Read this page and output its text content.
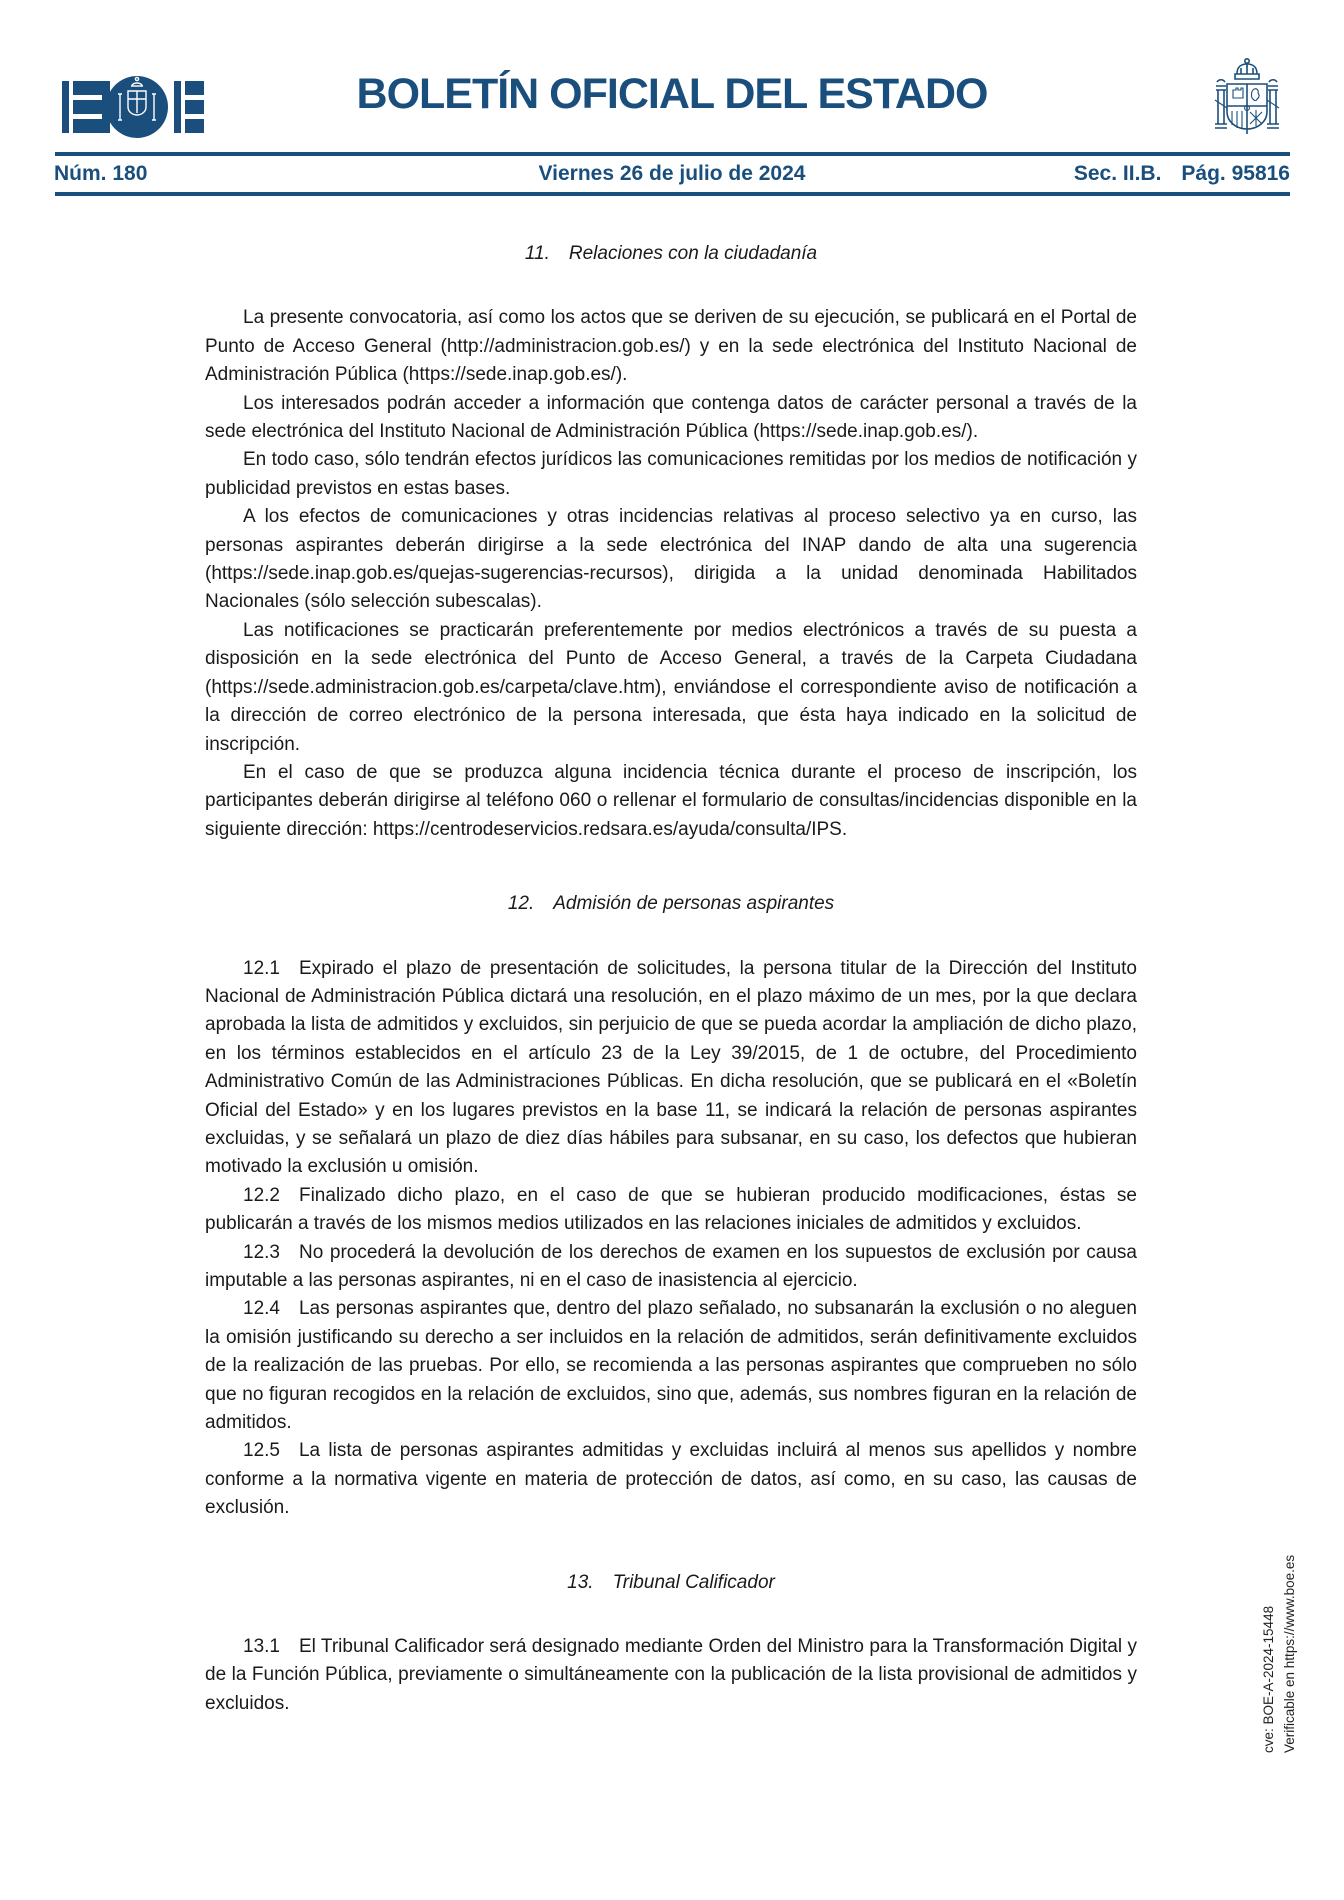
BOLETÍN OFICIAL DEL ESTADO
Núm. 180	Viernes 26 de julio de 2024	Sec. II.B. Pág. 95816
11. Relaciones con la ciudadanía

La presente convocatoria, así como los actos que se deriven de su ejecución, se publicará en el Portal de Punto de Acceso General (http://administracion.gob.es/) y en la sede electrónica del Instituto Nacional de Administración Pública (https://sede.inap.gob.es/).

Los interesados podrán acceder a información que contenga datos de carácter personal a través de la sede electrónica del Instituto Nacional de Administración Pública (https://sede.inap.gob.es/).

En todo caso, sólo tendrán efectos jurídicos las comunicaciones remitidas por los medios de notificación y publicidad previstos en estas bases.

A los efectos de comunicaciones y otras incidencias relativas al proceso selectivo ya en curso, las personas aspirantes deberán dirigirse a la sede electrónica del INAP dando de alta una sugerencia (https://sede.inap.gob.es/quejas-sugerencias-recursos), dirigida a la unidad denominada Habilitados Nacionales (sólo selección subescalas).

Las notificaciones se practicarán preferentemente por medios electrónicos a través de su puesta a disposición en la sede electrónica del Punto de Acceso General, a través de la Carpeta Ciudadana (https://sede.administracion.gob.es/carpeta/clave.htm), enviándose el correspondiente aviso de notificación a la dirección de correo electrónico de la persona interesada, que ésta haya indicado en la solicitud de inscripción.

En el caso de que se produzca alguna incidencia técnica durante el proceso de inscripción, los participantes deberán dirigirse al teléfono 060 o rellenar el formulario de consultas/incidencias disponible en la siguiente dirección: https://centrodeservicios.redsara.es/ayuda/consulta/IPS.

12. Admisión de personas aspirantes

12.1 Expirado el plazo de presentación de solicitudes, la persona titular de la Dirección del Instituto Nacional de Administración Pública dictará una resolución, en el plazo máximo de un mes, por la que declara aprobada la lista de admitidos y excluidos, sin perjuicio de que se pueda acordar la ampliación de dicho plazo, en los términos establecidos en el artículo 23 de la Ley 39/2015, de 1 de octubre, del Procedimiento Administrativo Común de las Administraciones Públicas. En dicha resolución, que se publicará en el «Boletín Oficial del Estado» y en los lugares previstos en la base 11, se indicará la relación de personas aspirantes excluidas, y se señalará un plazo de diez días hábiles para subsanar, en su caso, los defectos que hubieran motivado la exclusión u omisión.

12.2 Finalizado dicho plazo, en el caso de que se hubieran producido modificaciones, éstas se publicarán a través de los mismos medios utilizados en las relaciones iniciales de admitidos y excluidos.

12.3 No procederá la devolución de los derechos de examen en los supuestos de exclusión por causa imputable a las personas aspirantes, ni en el caso de inasistencia al ejercicio.

12.4 Las personas aspirantes que, dentro del plazo señalado, no subsanarán la exclusión o no aleguen la omisión justificando su derecho a ser incluidos en la relación de admitidos, serán definitivamente excluidos de la realización de las pruebas. Por ello, se recomienda a las personas aspirantes que comprueben no sólo que no figuran recogidos en la relación de excluidos, sino que, además, sus nombres figuran en la relación de admitidos.

12.5 La lista de personas aspirantes admitidas y excluidas incluirá al menos sus apellidos y nombre conforme a la normativa vigente en materia de protección de datos, así como, en su caso, las causas de exclusión.

13. Tribunal Calificador

13.1 El Tribunal Calificador será designado mediante Orden del Ministro para la Transformación Digital y de la Función Pública, previamente o simultáneamente con la publicación de la lista provisional de admitidos y excluidos.	cve: BOE-A-2024-15448 Verificable en https://www.boe.es
